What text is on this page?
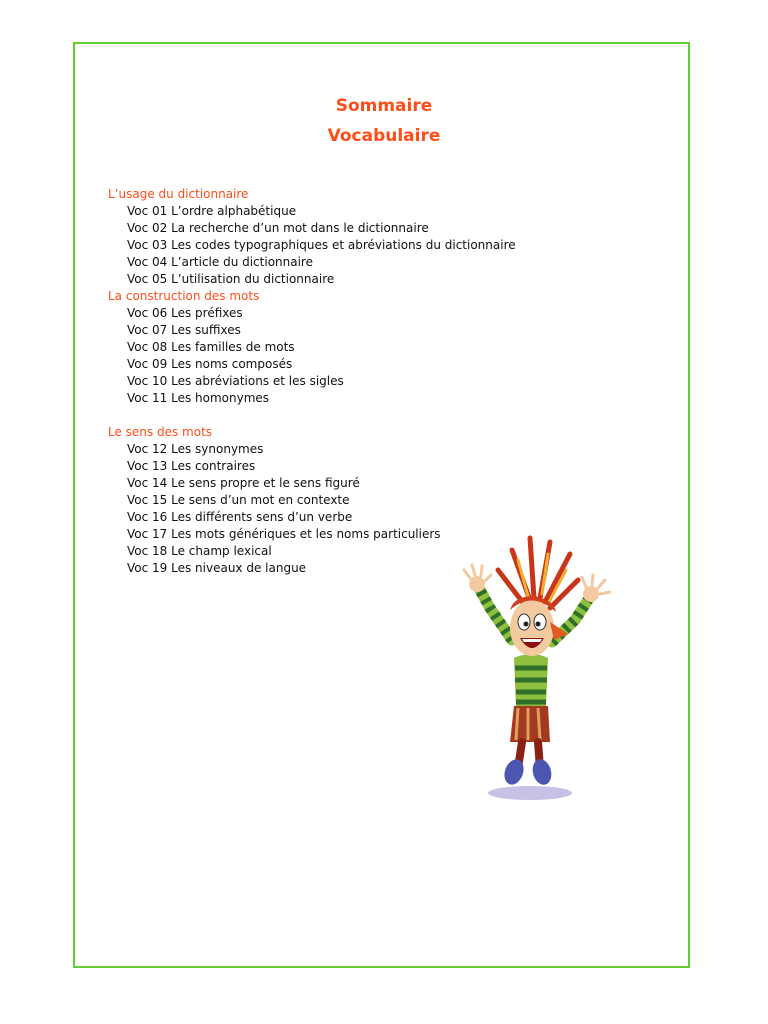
Sommaire
Vocabulaire
L’usage du dictionnaire
Voc 01 L’ordre alphabétique
Voc 02 La recherche d’un mot dans le dictionnaire
Voc 03 Les codes typographiques et abréviations du dictionnaire
Voc 04 L’article du dictionnaire
Voc 05 L’utilisation du dictionnaire
La construction des mots
Voc 06 Les préfixes
Voc 07 Les suffixes
Voc 08 Les familles de mots
Voc 09 Les noms composés
Voc 10 Les abréviations et les sigles
Voc 11 Les homonymes
Le sens des mots
Voc 12 Les synonymes
Voc 13 Les contraires
Voc 14 Le sens propre et le sens figuré
Voc 15 Le sens d’un mot en contexte
Voc 16 Les différents sens d’un verbe
Voc 17 Les mots génériques et les noms particuliers
Voc 18 Le champ lexical
Voc 19 Les niveaux de langue
